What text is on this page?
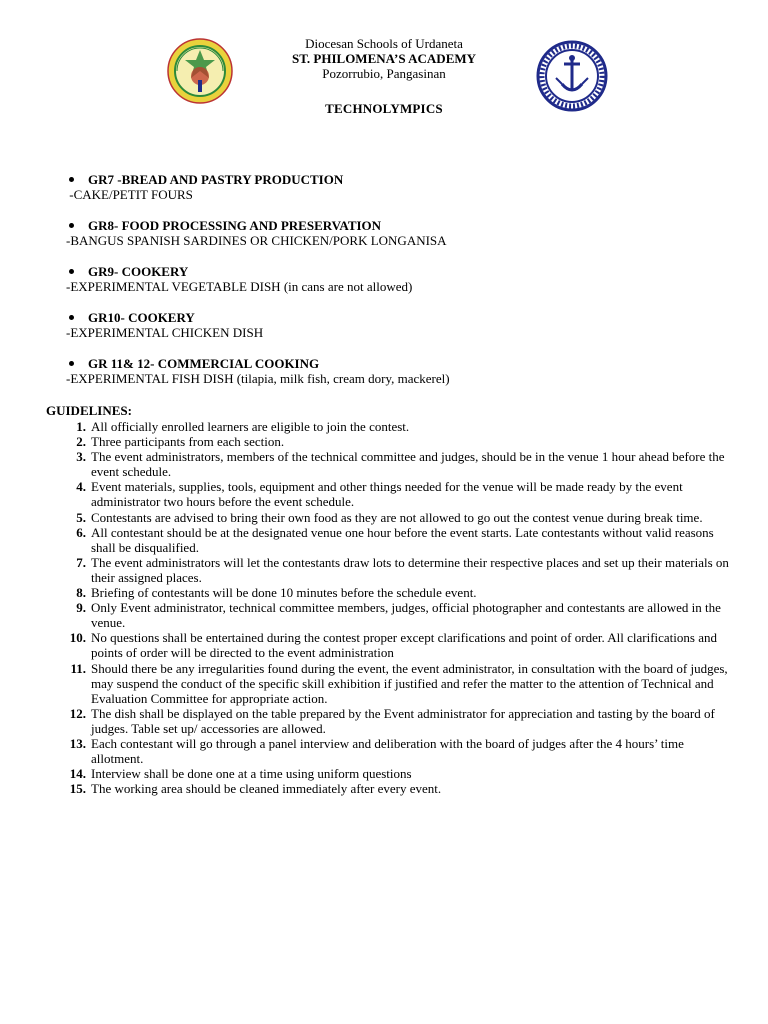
Diocesan Schools of Urdaneta
ST. PHILOMENA’S ACADEMY
Pozorrubio, Pangasinan
TECHNOLYMPICS
GR7 -BREAD AND PASTRY PRODUCTION
-CAKE/PETIT FOURS
GR8- FOOD PROCESSING AND PRESERVATION
-BANGUS SPANISH SARDINES OR CHICKEN/PORK LONGANISA
GR9- COOKERY
-EXPERIMENTAL VEGETABLE DISH (in cans are not allowed)
GR10- COOKERY
-EXPERIMENTAL CHICKEN DISH
GR 11& 12- COMMERCIAL COOKING
-EXPERIMENTAL FISH DISH (tilapia, milk fish, cream dory, mackerel)
GUIDELINES:
1. All officially enrolled learners are eligible to join the contest.
2. Three participants from each section.
3. The event administrators, members of the technical committee and judges, should be in the venue 1 hour ahead before the event schedule.
4. Event materials, supplies, tools, equipment and other things needed for the venue will be made ready by the event administrator two hours before the event schedule.
5. Contestants are advised to bring their own food as they are not allowed to go out the contest venue during break time.
6. All contestant should be at the designated venue one hour before the event starts. Late contestants without valid reasons shall be disqualified.
7. The event administrators will let the contestants draw lots to determine their respective places and set up their materials on their assigned places.
8. Briefing of contestants will be done 10 minutes before the schedule event.
9. Only Event administrator, technical committee members, judges, official photographer and contestants are allowed in the venue.
10. No questions shall be entertained during the contest proper except clarifications and point of order. All clarifications and points of order will be directed to the event administration
11. Should there be any irregularities found during the event, the event administrator, in consultation with the board of judges, may suspend the conduct of the specific skill exhibition if justified and refer the matter to the attention of Technical and Evaluation Committee for appropriate action.
12. The dish shall be displayed on the table prepared by the Event administrator for appreciation and tasting by the board of judges. Table set up/ accessories are allowed.
13. Each contestant will go through a panel interview and deliberation with the board of judges after the 4 hours’ time allotment.
14. Interview shall be done one at a time using uniform questions
15. The working area should be cleaned immediately after every event.
